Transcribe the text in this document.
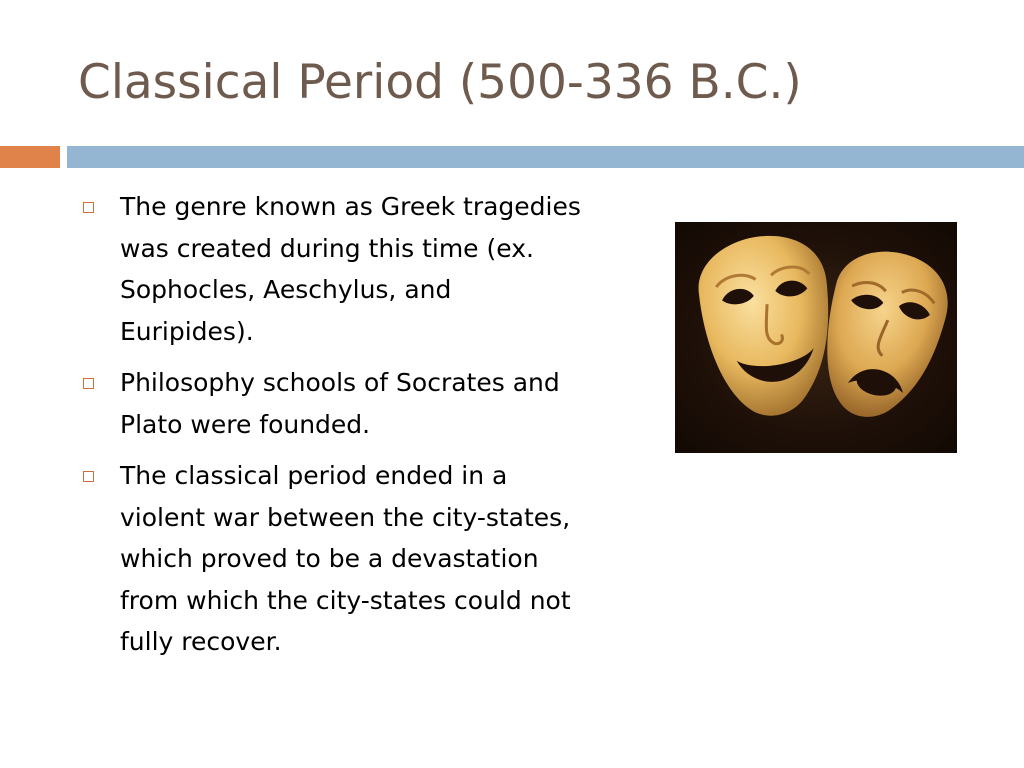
Classical Period (500-336 B.C.)
The genre known as Greek tragedies was created during this time (ex. Sophocles, Aeschylus, and Euripides).
Philosophy schools of Socrates and Plato were founded.
The classical period ended in a violent war between the city-states, which proved to be a devastation from which the city-states could not fully recover.
